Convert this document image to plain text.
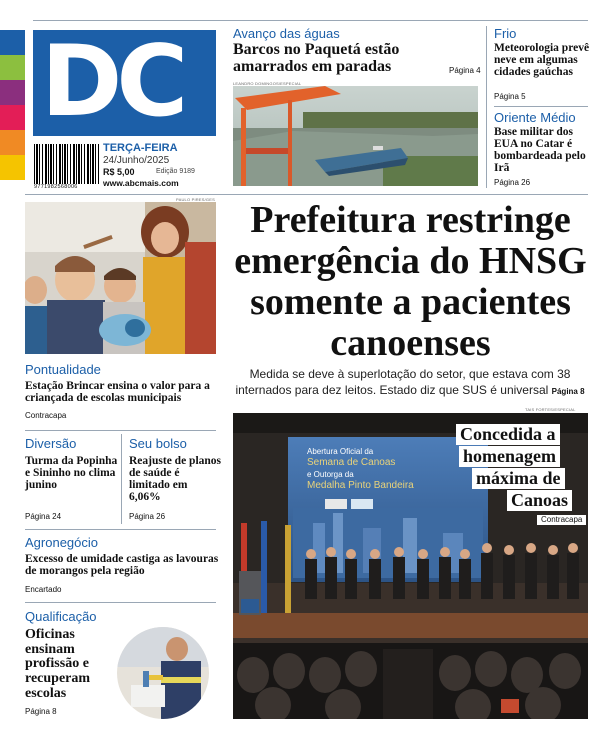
DC
9771982568006
TERÇA-FEIRA
24/Junho/2025
R$ 5,00	Edição 9189
www.abcmais.com
Avanço das águas
Barcos no Paquetá estão amarrados em paradas	Página 4
LEANDRO DOMINGOS/ESPECIAL
Frio
Meteorologia prevê neve em algumas cidades gaúchas
Página 5
Oriente Médio
Base militar dos EUA no Catar é bombardeada pelo Irã
Página 26
PAULO PIRES/GES Prefeitura restringe emergência do HNSG somente a pacientes canoenses
Medida se deve à superlotação do setor, que estava com 38 internados para dez leitos. Estado diz que SUS é universal Página 8
Pontualidade
Estação Brincar ensina o valor para a criançada de escolas municipais
Contracapa
Diversão
Turma da Popinha e Sininho no clima junino
Página 24
Seu bolso
Reajuste de planos de saúde é limitado em 6,06%
Página 26
Agronegócio
Excesso de umidade castiga as lavouras de morangos pela região
Encartado
Qualificação
Oficinas ensinam profissão e recuperam escolas
Página 8
TAIS FORTES/ESPECIAL
Abertura Oficial da
Semana de Canoas
e Outorga da
Medalha Pinto Bandeira
Concedida a
homenagem
máxima de
Canoas
Contracapa
